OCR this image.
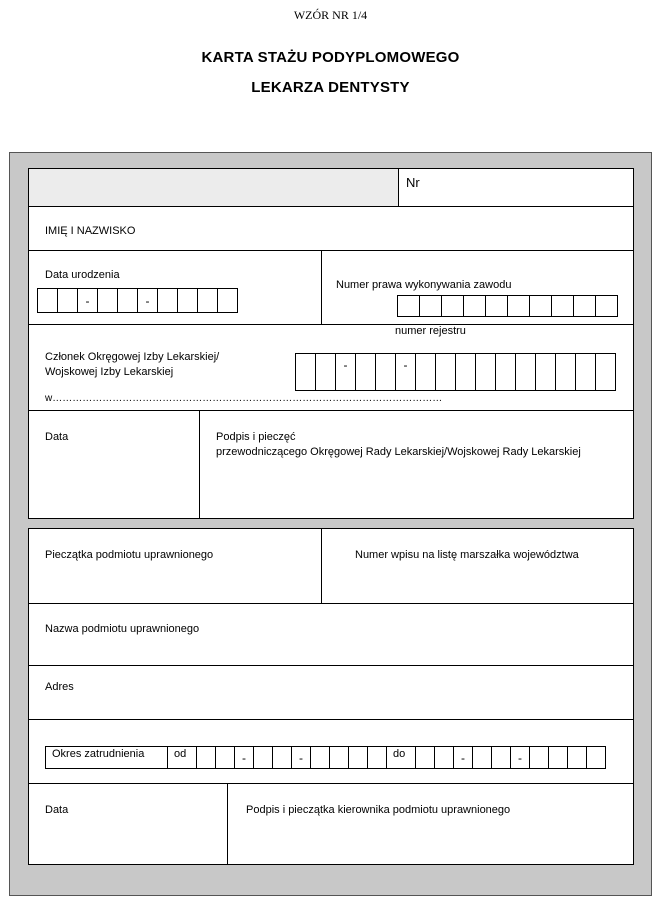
WZÓR NR 1/4
KARTA STAŻU PODYPLOMOWEGO
LEKARZA DENTYSTY
Nr
IMIĘ I NAZWISKO
Data urodzenia
-	-
Numer prawa wykonywania zawodu
numer rejestru
Członek Okręgowej Izby Lekarskiej/
Wojskowej Izby Lekarskiej	-	-
w………………………………………………………………………………………………………
Data	Podpis i pieczęć
przewodniczącego Okręgowej Rady Lekarskiej/Wojskowej Rady Lekarskiej
Pieczątka podmiotu uprawnionego	Numer wpisu na listę marszałka województwa
Nazwa podmiotu uprawnionego
Adres
Okres zatrudnienia	od	-	-	do	-	-
Data	Podpis i pieczątka kierownika podmiotu uprawnionego
